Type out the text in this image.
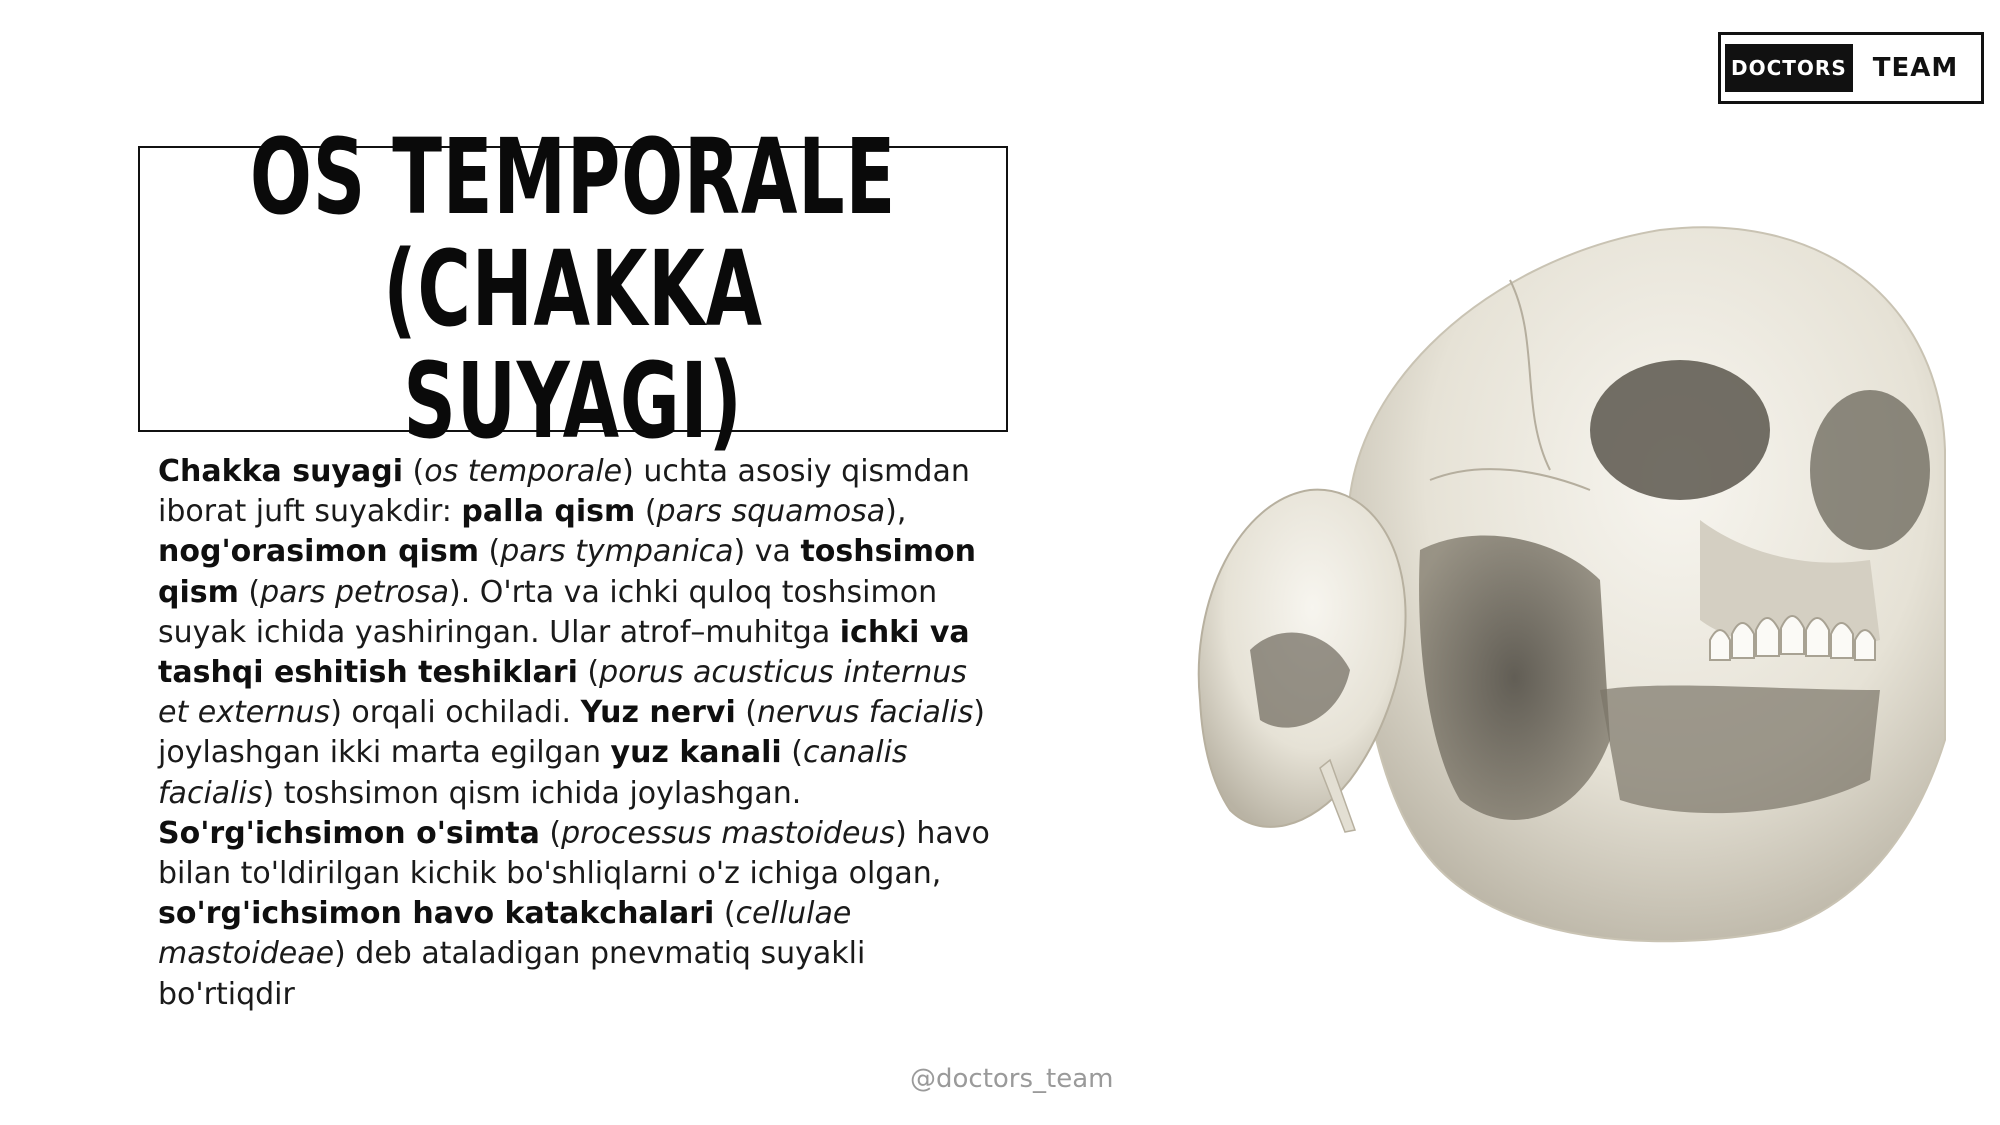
DOCTORS	TEAM
OS TEMPORALE
(CHAKKA SUYAGI)

Chakka suyagi (os temporale) uchta asosiy qismdan iborat juft suyakdir: palla qism (pars squamosa), nog'orasimon qism (pars tympanica) va toshsimon qism (pars petrosa). O'rta va ichki quloq toshsimon suyak ichida yashiringan. Ular atrof–muhitga ichki va tashqi eshitish teshiklari (porus acusticus internus et externus) orqali ochiladi. Yuz nervi (nervus facialis) joylashgan ikki marta egilgan yuz kanali (canalis facialis) toshsimon qism ichida joylashgan. So'rg'ichsimon o'simta (processus mastoideus) havo bilan to'ldirilgan kichik bo'shliqlarni o'z ichiga olgan, so'rg'ichsimon havo katakchalari (cellulae mastoideae) deb ataladigan pnevmatiq suyakli bo'rtiqdir

@doctors_team
